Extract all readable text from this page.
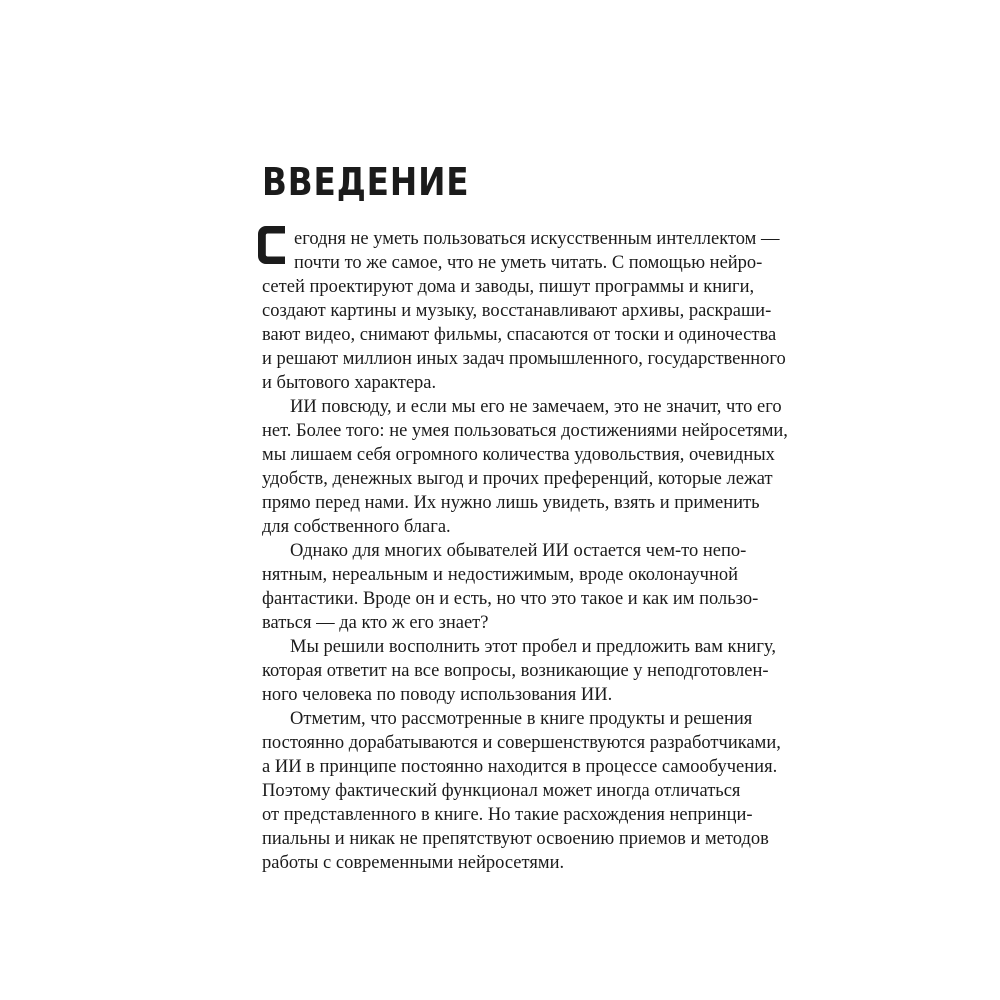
ВВЕДЕНИЕ

егодня не уметь пользоваться искусственным интеллектом —

почти то же самое, что не уметь читать. С помощью нейро-

сетей проектируют дома и заводы, пишут программы и книги,

создают картины и музыку, восстанавливают архивы, раскраши-

вают видео, снимают фильмы, спасаются от тоски и одиночества

и решают миллион иных задач промышленного, государственного

и бытового характера.

ИИ повсюду, и если мы его не замечаем, это не значит, что его

нет. Более того: не умея пользоваться достижениями нейросетями,

мы лишаем себя огромного количества удовольствия, очевидных

удобств, денежных выгод и прочих преференций, которые лежат

прямо перед нами. Их нужно лишь увидеть, взять и применить

для собственного блага.

Однако для многих обывателей ИИ остается чем-то непо-

нятным, нереальным и недостижимым, вроде околонаучной

фантастики. Вроде он и есть, но что это такое и как им пользо-

ваться — да кто ж его знает?

Мы решили восполнить этот пробел и предложить вам книгу,

которая ответит на все вопросы, возникающие у неподготовлен-

ного человека по поводу использования ИИ.

Отметим, что рассмотренные в книге продукты и решения

постоянно дорабатываются и совершенствуются разработчиками,

а ИИ в принципе постоянно находится в процессе самообучения.

Поэтому фактический функционал может иногда отличаться

от представленного в книге. Но такие расхождения непринци-

пиальны и никак не препятствуют освоению приемов и методов

работы с современными нейросетями.
